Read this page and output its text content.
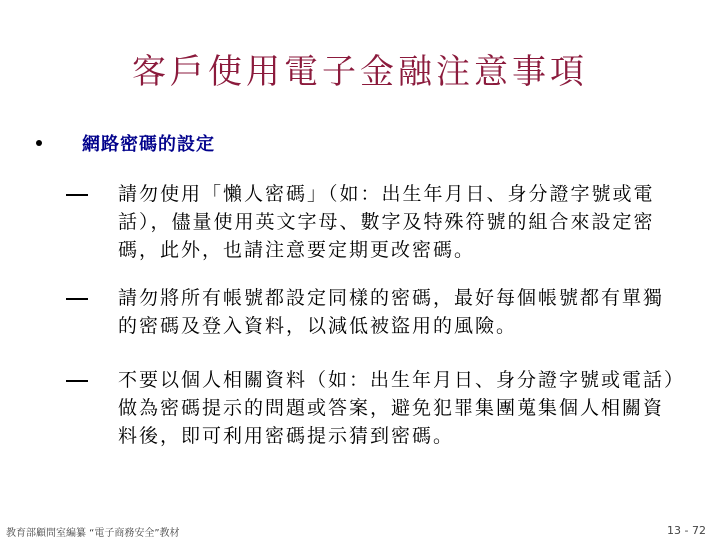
客戶使用電子金融注意事項
網路密碼的設定
請勿使用「懶人密碼」（如：出生年月日、身分證字號或電話），儘量使用英文字母、數字及特殊符號的組合來設定密碼，此外，也請注意要定期更改密碼。
請勿將所有帳號都設定同樣的密碼，最好每個帳號都有單獨的密碼及登入資料，以減低被盜用的風險。
不要以個人相關資料（如：出生年月日、身分證字號或電話）做為密碼提示的問題或答案，避免犯罪集團蒐集個人相關資料後，即可利用密碼提示猜到密碼。
教育部顧問室編纂 “電子商務安全”教材	13 - 72
